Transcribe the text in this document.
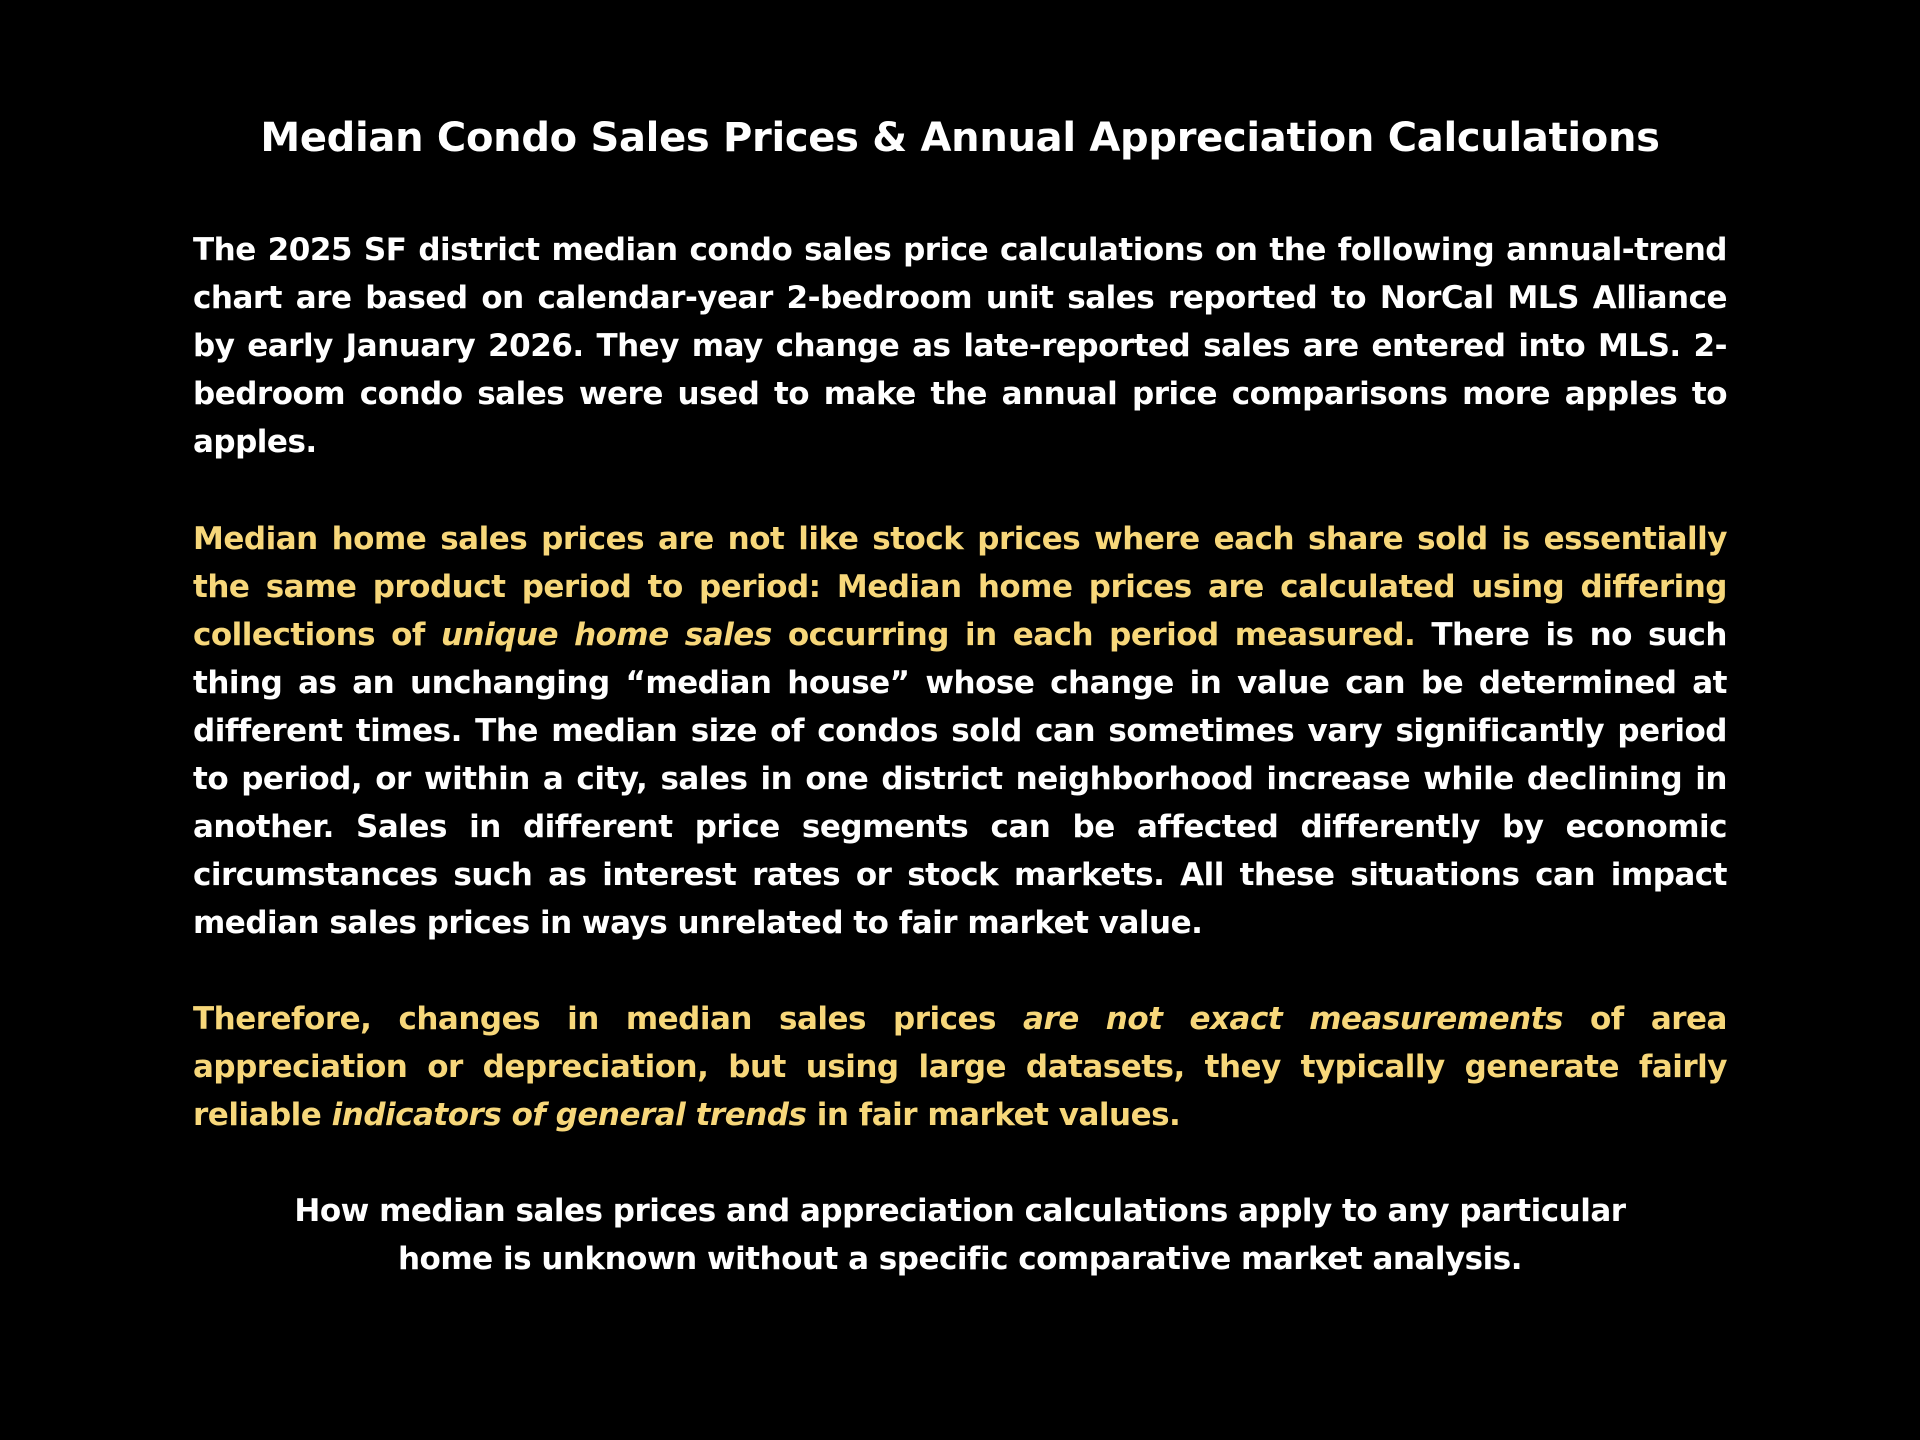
Median Condo Sales Prices & Annual Appreciation Calculations

The 2025 SF district median condo sales price calculations on the following annual-trend chart are based on calendar-year 2-bedroom unit sales reported to NorCal MLS Alliance by early January 2026. They may change as late-reported sales are entered into MLS. 2-bedroom condo sales were used to make the annual price comparisons more apples to apples.

Median home sales prices are not like stock prices where each share sold is essentially the same product period to period: Median home prices are calculated using differing collections of unique home sales occurring in each period measured. There is no such thing as an unchanging “median house” whose change in value can be determined at different times. The median size of condos sold can sometimes vary significantly period to period, or within a city, sales in one district neighborhood increase while declining in another. Sales in different price segments can be affected differently by economic circumstances such as interest rates or stock markets. All these situations can impact median sales prices in ways unrelated to fair market value.

Therefore, changes in median sales prices are not exact measurements of area appreciation or depreciation, but using large datasets, they typically generate fairly reliable indicators of general trends in fair market values.

How median sales prices and appreciation calculations apply to any particular
home is unknown without a specific comparative market analysis.
